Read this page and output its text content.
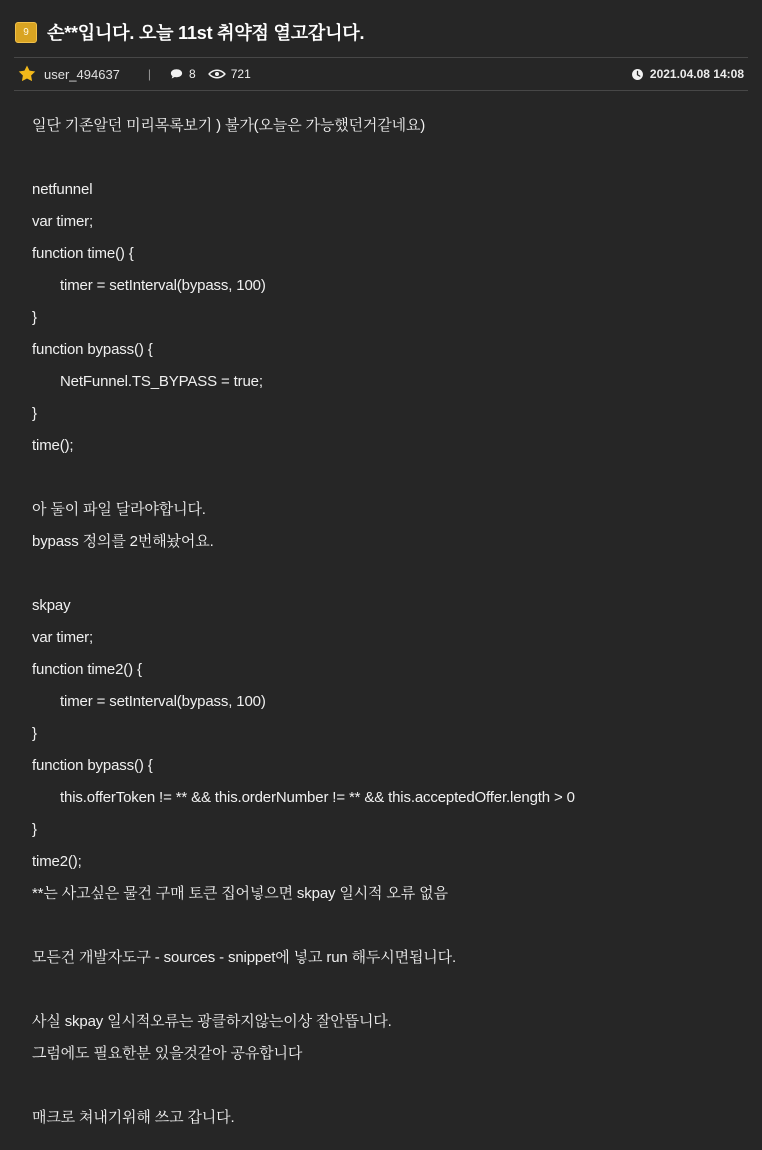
9	손**입니다. 오늘 11st 취약점 열고갑니다.
user_494637 |	8	721	2021.04.08 14:08
일단 기존알던 미리목록보기 ) 불가(오늘은 가능했던거같네요)
netfunnel
var timer;
function time() {
timer = setInterval(bypass, 100)
}
function bypass() {
NetFunnel.TS_BYPASS = true;
}
time();
아 둘이 파일 달라야합니다.
bypass 정의를 2번해놨어요.
skpay
var timer;
function time2() {
timer = setInterval(bypass, 100)
}
function bypass() {
this.offerToken != ** && this.orderNumber != ** && this.acceptedOffer.length > 0
}
time2();
**는 사고싶은 물건 구매 토큰 집어넣으면 skpay 일시적 오류 없음
모든건 개발자도구 - sources - snippet에 넣고 run 해두시면됩니다.
사실 skpay 일시적오류는 광클하지않는이상 잘안뜹니다.
그럼에도 필요한분 있을것같아 공유합니다
매크로 쳐내기위해 쓰고 갑니다.
